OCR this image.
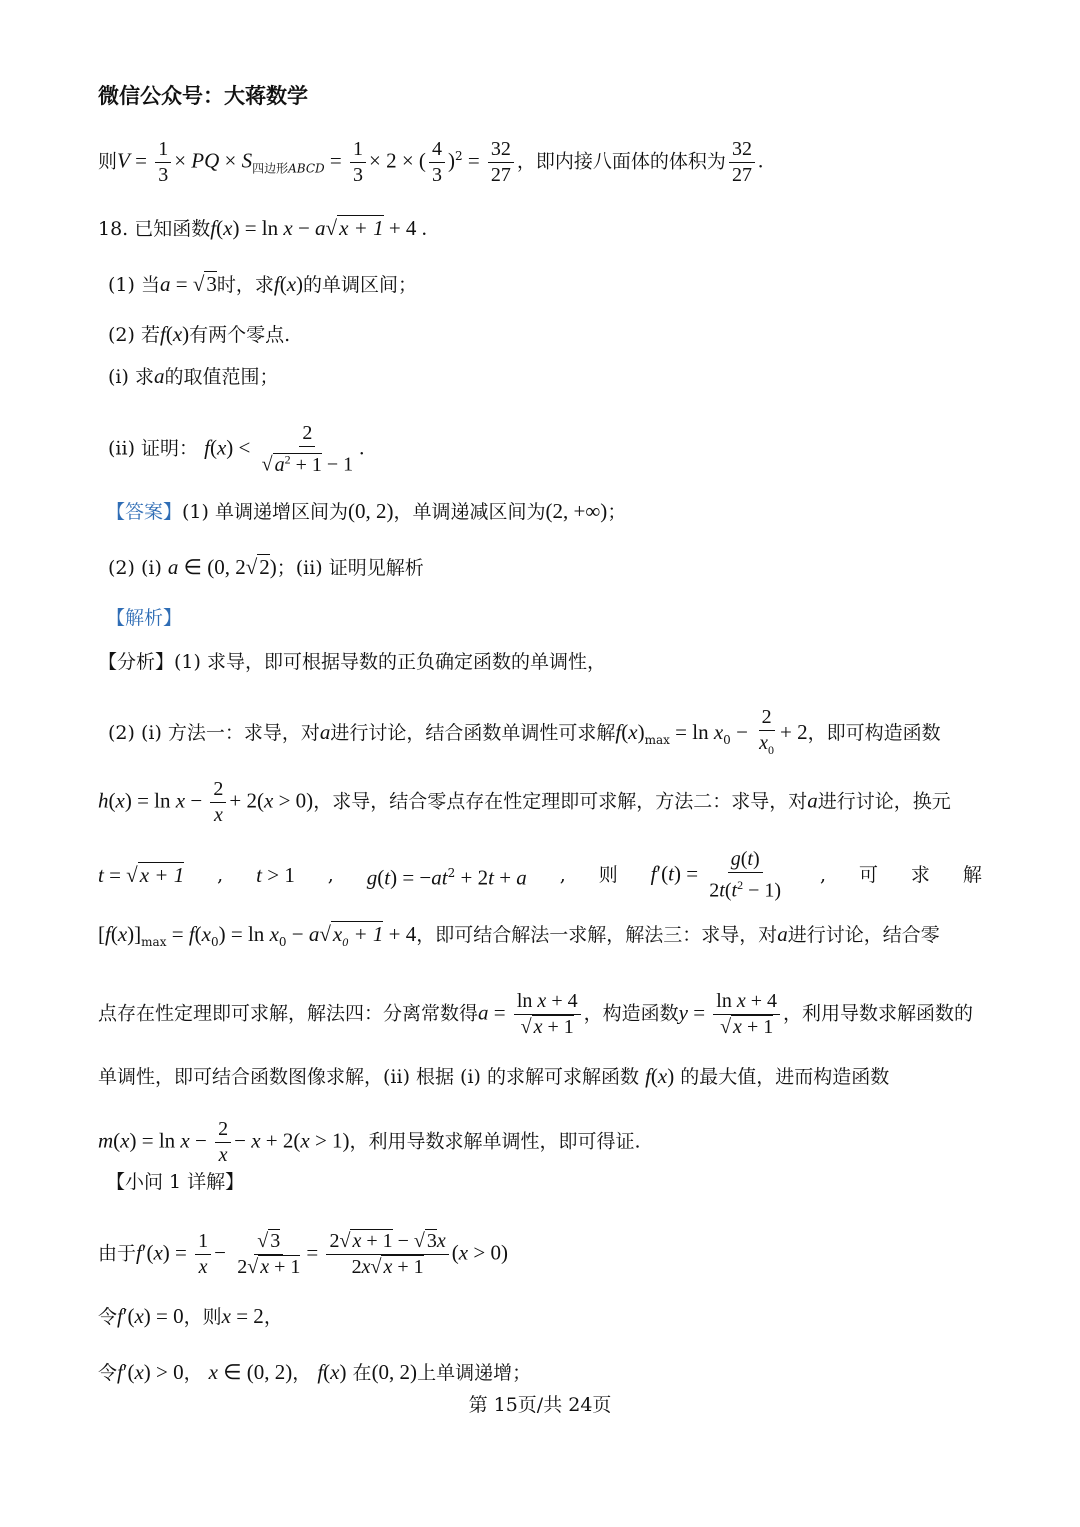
微信公众号：大蒋数学
则$V = \frac{1}{3}$ × PQ × $S_{四边形ABCD} = \frac{1}{3} \times 2$ × ( $\frac{4}{3} )^2 = \frac{32}{27}$ ，即内接八面体的体积为 $\frac{32}{27}$ .
18. 已知函数f(x) = ln x − a√x + 1 + 4 .
(1) 当a = √3时，求f(x)的单调区间；
(2) 若f(x)有两个零点.
(i) 求a的取值范围；
(ii) 证明： $f(x) < \frac{2}{√ a^2 + 1 - 1}$ .
【答案】(1) 单调递增区间为(0, 2)，单调递减区间为(2, +∞)；
(2) (i) a ∈ (0, 2√2)；(ii) 证明见解析
【解析】
【分析】(1) 求导，即可根据导数的正负确定函数的单调性，
(2) (i) 方法一：求导，对a进行讨论，结合函数单调性可求解$f(x)_{max} = \ln x_0 - \frac{2}{x_0} + 2$，即可构造函数
$h(x) = \ln x - \frac{2}{x} + 2(x > 0)$，求导，结合零点存在性定理即可求解，方法二：求导，对a进行讨论，换元
t = √x + 1 , t > 1 , $g(t) = -at^2 + 2t + a$ , 则 $f'(t) = \frac{g(t)}{2t(t^2 - 1)}$ , 可 求 解
$[f(x)]_{max} = f(x_0) = \ln x_0 - a√x_0 + 1 + 4$，即可结合解法一求解，解法三：求导，对a进行讨论，结合零
点存在性定理即可求解，解法四：分离常数得$a = \frac{\text{ln x + 4}}{√ x + 1}$ ，构造函数$y = \frac{\text{ln x + 4}}{√ x + 1}$ ，利用导数求解函数的
单调性，即可结合函数图像求解，(ii) 根据 (i) 的求解可求解函数 f(x) 的最大值，进而构造函数
$m(x) = \ln x - \frac{2}{x} - x + 2(x > 1)$，利用导数求解单调性，即可得证.
【小问 1 详解】
由于$f'(x) = \frac{1}{x} - \frac{√ 3}{2√ x + 1} = \frac{2√ x + 1 - √ 3x}{2x√ x + 1} (x > 0)$
令f′(x) = 0，则x = 2，
令f′(x) > 0， x ∈ (0, 2)， f(x) 在(0, 2)上单调递增；
第 15页/共 24页
